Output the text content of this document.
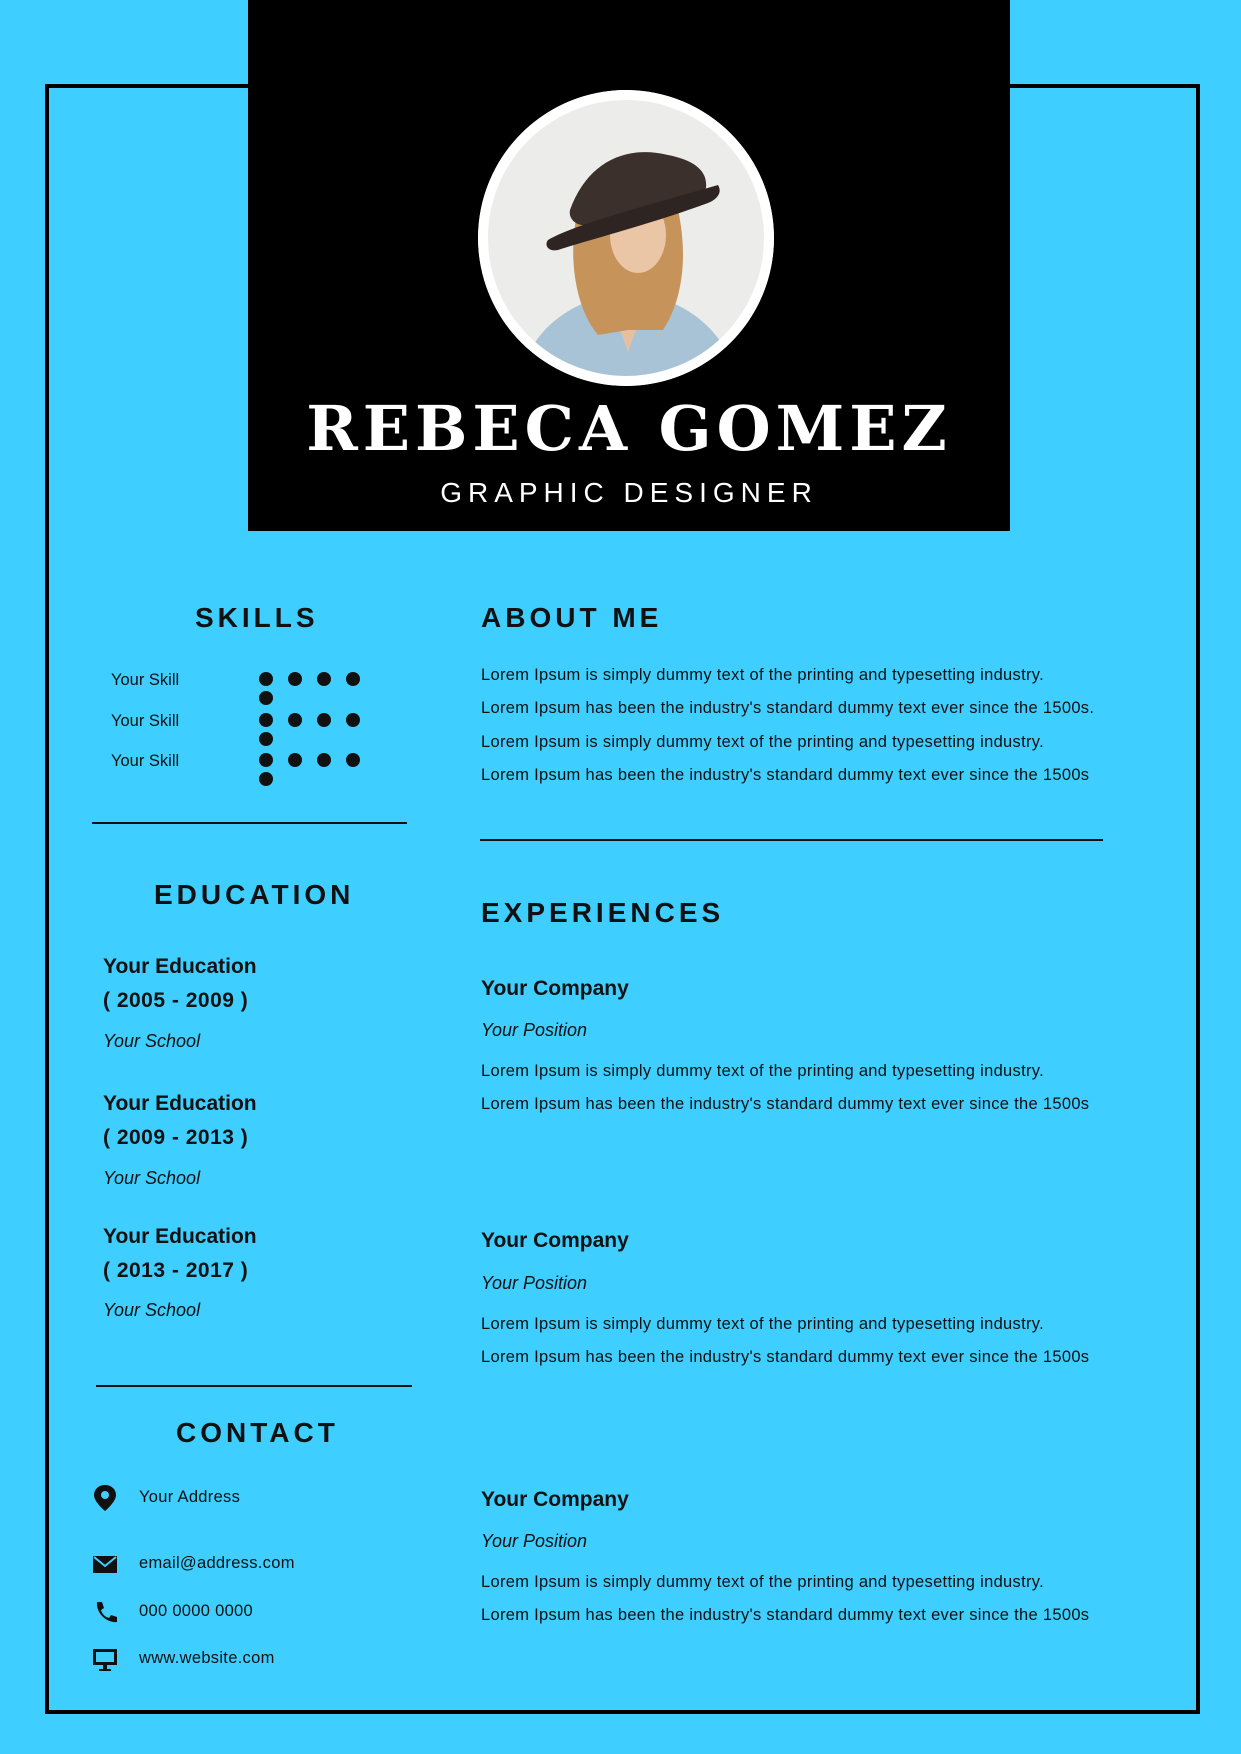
REBECA GOMEZ
GRAPHIC DESIGNER
SKILLS
Your Skill
Your Skill
Your Skill
EDUCATION
Your Education
( 2005 - 2009 )
Your School
Your Education
( 2009 - 2013 )
Your School
Your Education
( 2013 - 2017 )
Your School
CONTACT
Your Address
email@address.com
000 0000 0000
www.website.com
ABOUT ME
Lorem Ipsum is simply dummy text of the printing and typesetting industry.
Lorem Ipsum has been the industry's standard dummy text ever since the 1500s.
Lorem Ipsum is simply dummy text of the printing and typesetting industry.
Lorem Ipsum has been the industry's standard dummy text ever since the 1500s
EXPERIENCES
Your Company
Your Position
Lorem Ipsum is simply dummy text of the printing and typesetting industry.
Lorem Ipsum has been the industry's standard dummy text ever since the 1500s
Your Company
Your Position
Lorem Ipsum is simply dummy text of the printing and typesetting industry.
Lorem Ipsum has been the industry's standard dummy text ever since the 1500s
Your Company
Your Position
Lorem Ipsum is simply dummy text of the printing and typesetting industry.
Lorem Ipsum has been the industry's standard dummy text ever since the 1500s
